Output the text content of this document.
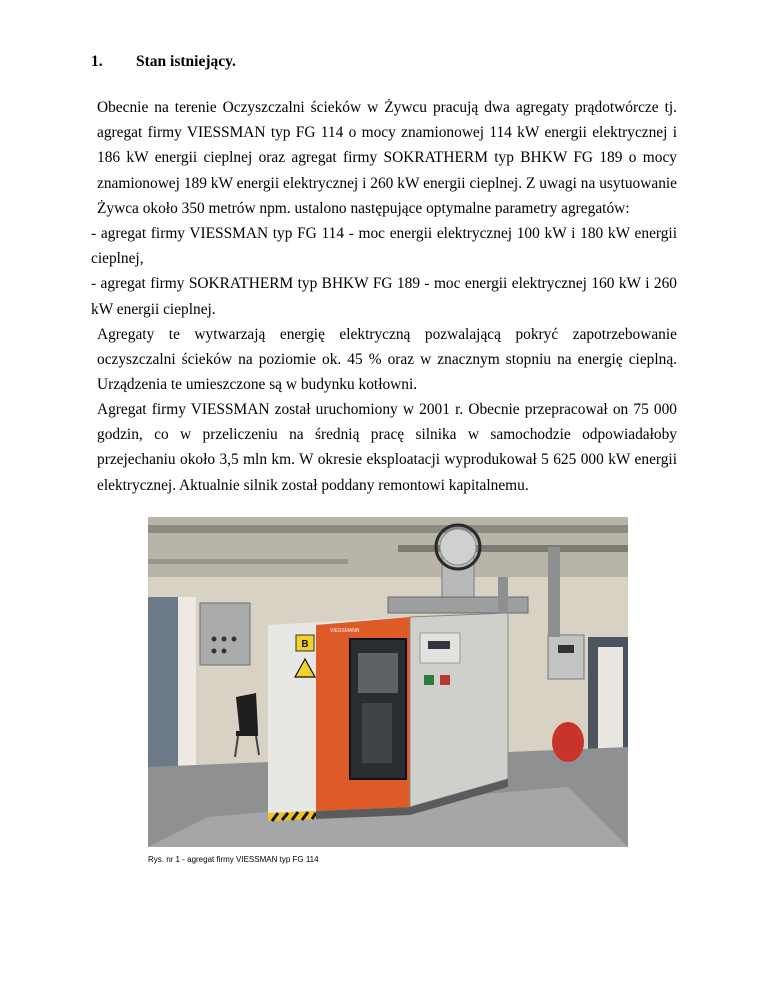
1. Stan istniejący.

Obecnie na terenie Oczyszczalni ścieków w Żywcu pracują dwa agregaty prądotwórcze tj. agregat firmy VIESSMAN typ FG 114 o mocy znamionowej 114 kW energii elektrycznej i 186 kW energii cieplnej oraz agregat firmy SOKRATHERM typ BHKW FG 189 o mocy znamionowej 189 kW energii elektrycznej i 260 kW energii cieplnej. Z uwagi na usytuowanie Żywca około 350 metrów npm. ustalono następujące optymalne parametry agregatów:

- agregat firmy VIESSMAN typ FG 114 - moc energii elektrycznej 100 kW i 180 kW energii cieplnej,

- agregat firmy SOKRATHERM typ BHKW FG 189 - moc energii elektrycznej 160 kW i 260 kW energii cieplnej.

Agregaty te wytwarzają energię elektryczną pozwalającą pokryć zapotrzebowanie oczyszczalni ścieków na poziomie ok. 45 % oraz w znacznym stopniu na energię cieplną. Urządzenia te umieszczone są w budynku kotłowni.

Agregat firmy VIESSMAN został uruchomiony w 2001 r. Obecnie przepracował on 75 000 godzin, co w przeliczeniu na średnią pracę silnika w samochodzie odpowiadałoby przejechaniu około 3,5 mln km. W okresie eksploatacji wyprodukował 5 625 000 kW energii elektrycznej. Aktualnie silnik został poddany remontowi kapitalnemu.

B
VIESSMANN
Rys. nr 1 - agregat firmy VIESSMAN typ FG 114
